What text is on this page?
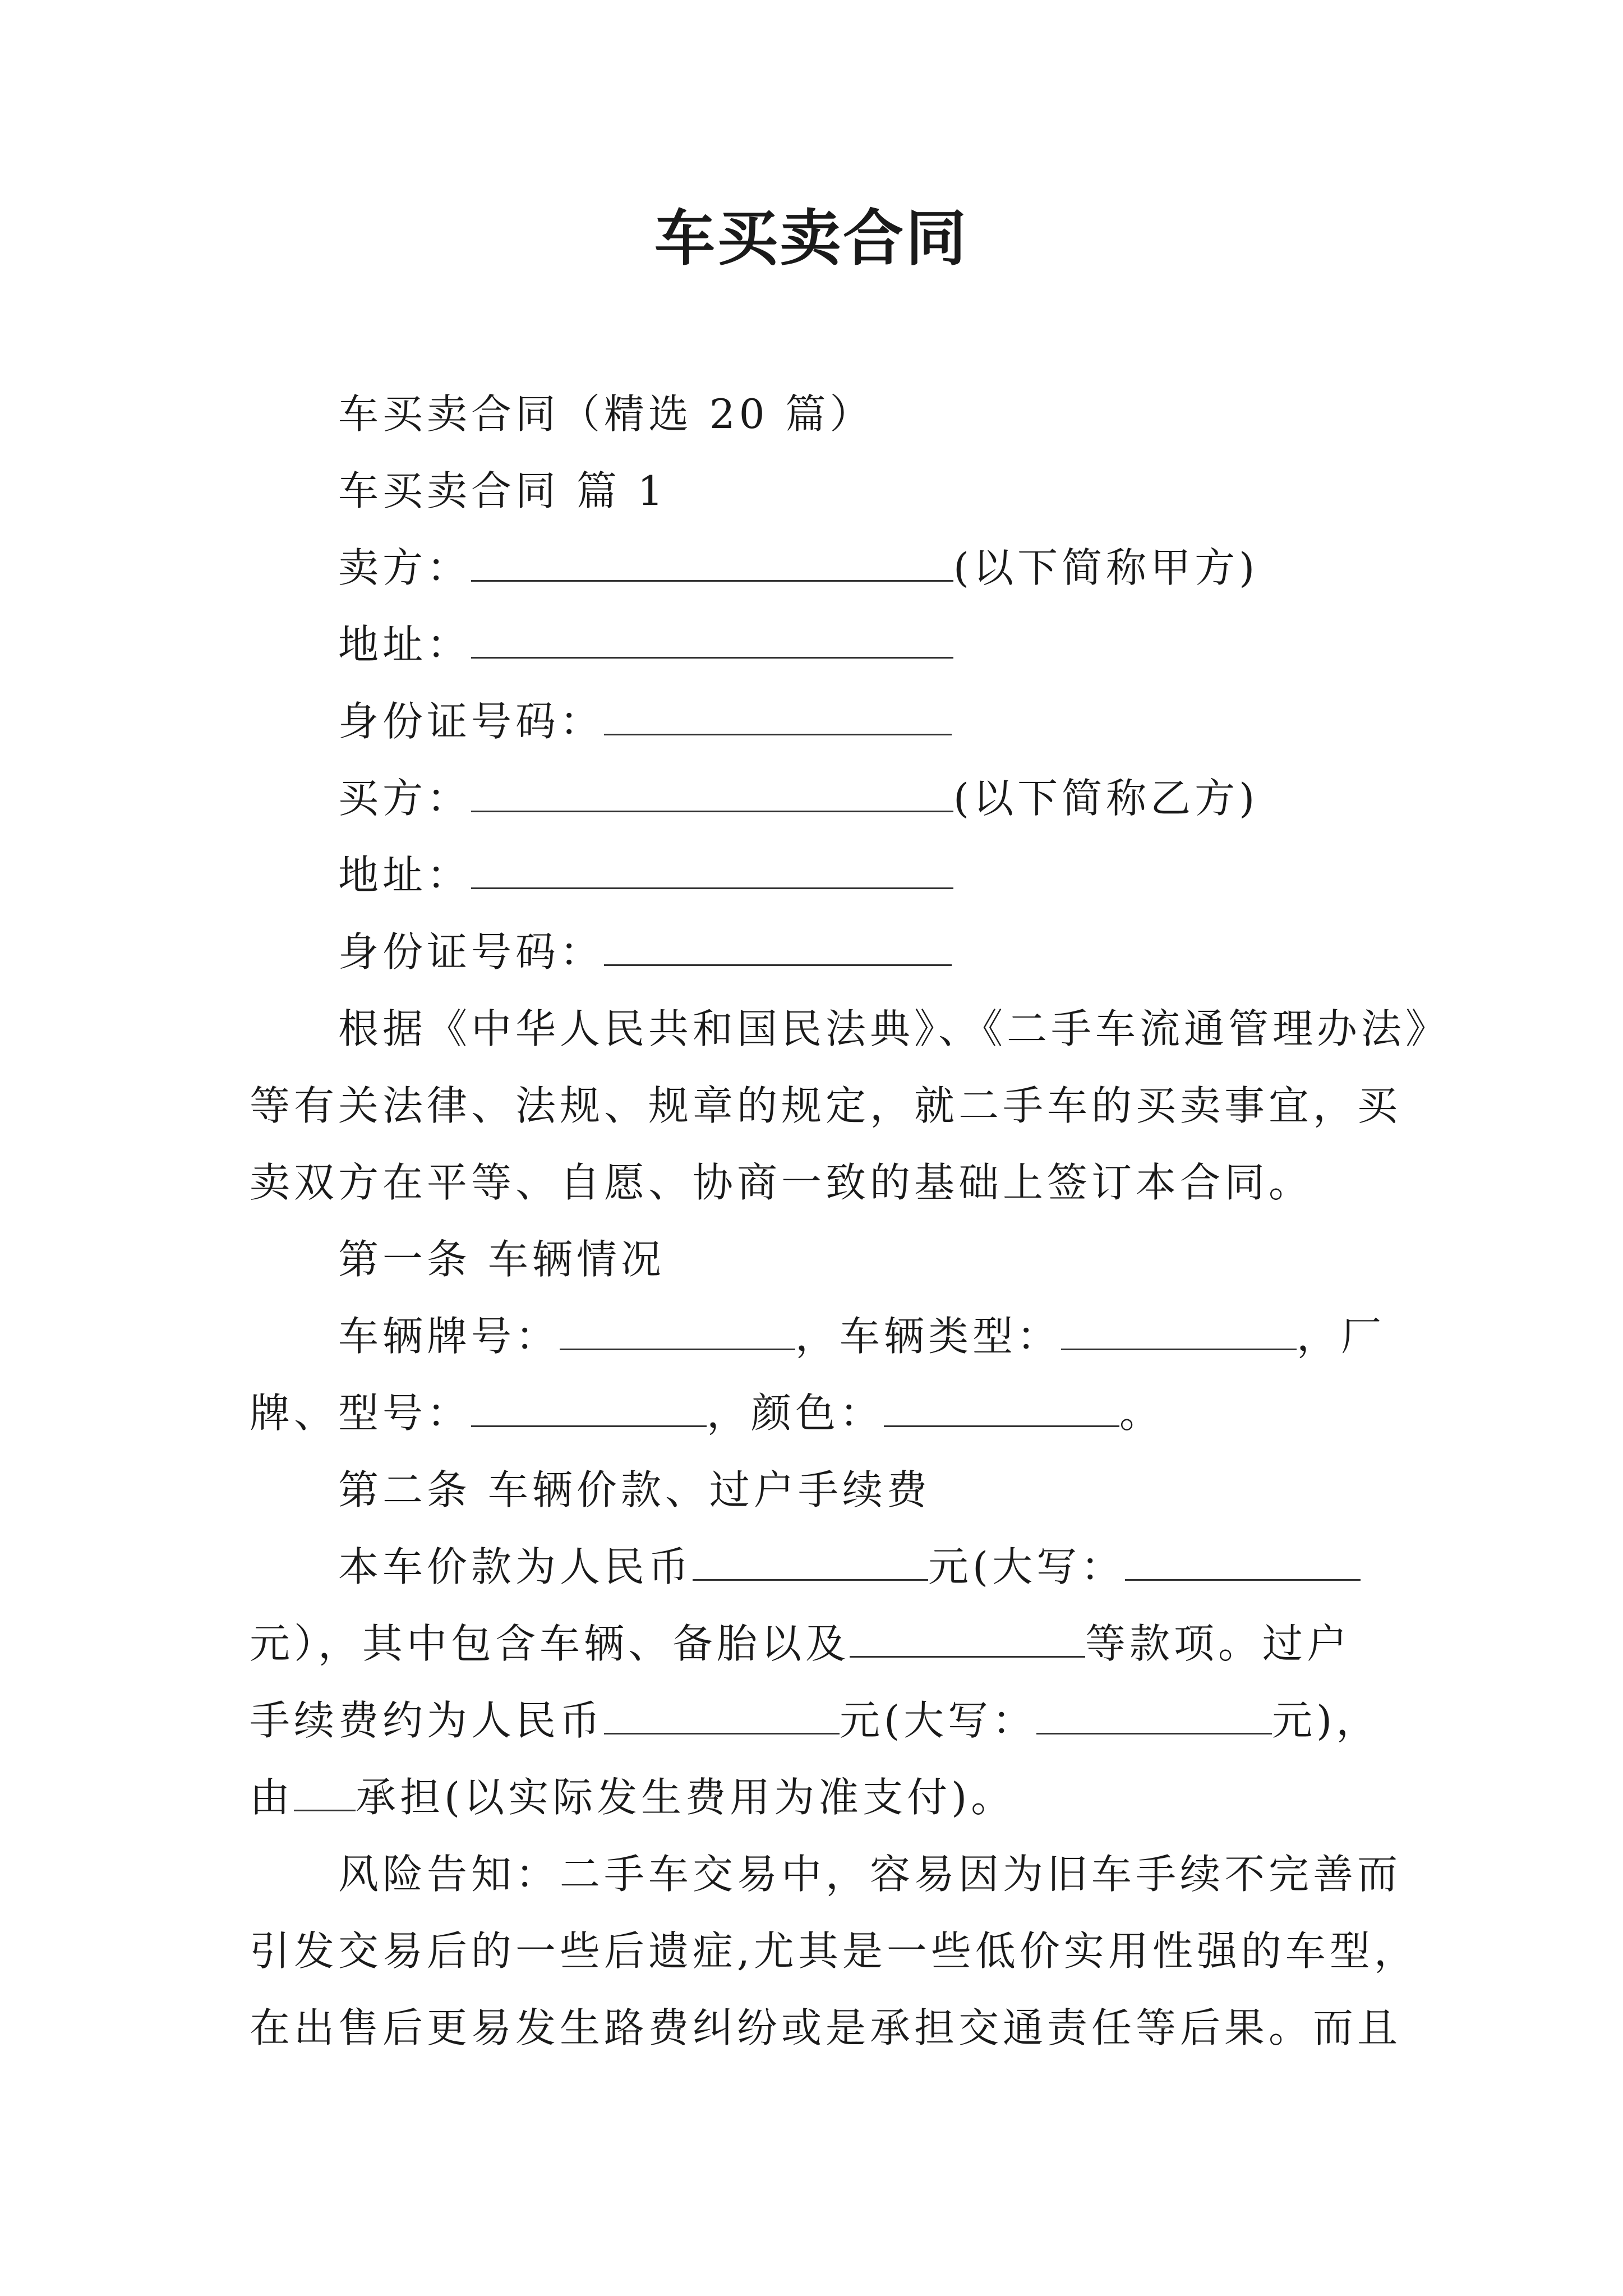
车买卖合同
车买卖合同（精选 20 篇）
车买卖合同 篇 1
卖方：	(以下简称甲方)
地址：
身份证号码：
买方：	(以下简称乙方)
地址：
身份证号码：
根据《中华人民共和国民法典》、《二手车流通管理办法》
等有关法律、法规、规章的规定，就二手车的买卖事宜，买
卖双方在平等、自愿、协商一致的基础上签订本合同。
第一条 车辆情况
车辆牌号：	，车辆类型：	，厂
牌、型号：	，颜色：	。
第二条 车辆价款、过户手续费
本车价款为人民币	元(大写：
元），其中包含车辆、备胎以及	等款项。过户
手续费约为人民币	元(大写：	元)，
由 承担(以实际发生费用为准支付)。
风险告知：二手车交易中，容易因为旧车手续不完善而
引发交易后的一些后遗症,尤其是一些低价实用性强的车型，
在出售后更易发生路费纠纷或是承担交通责任等后果。而且
